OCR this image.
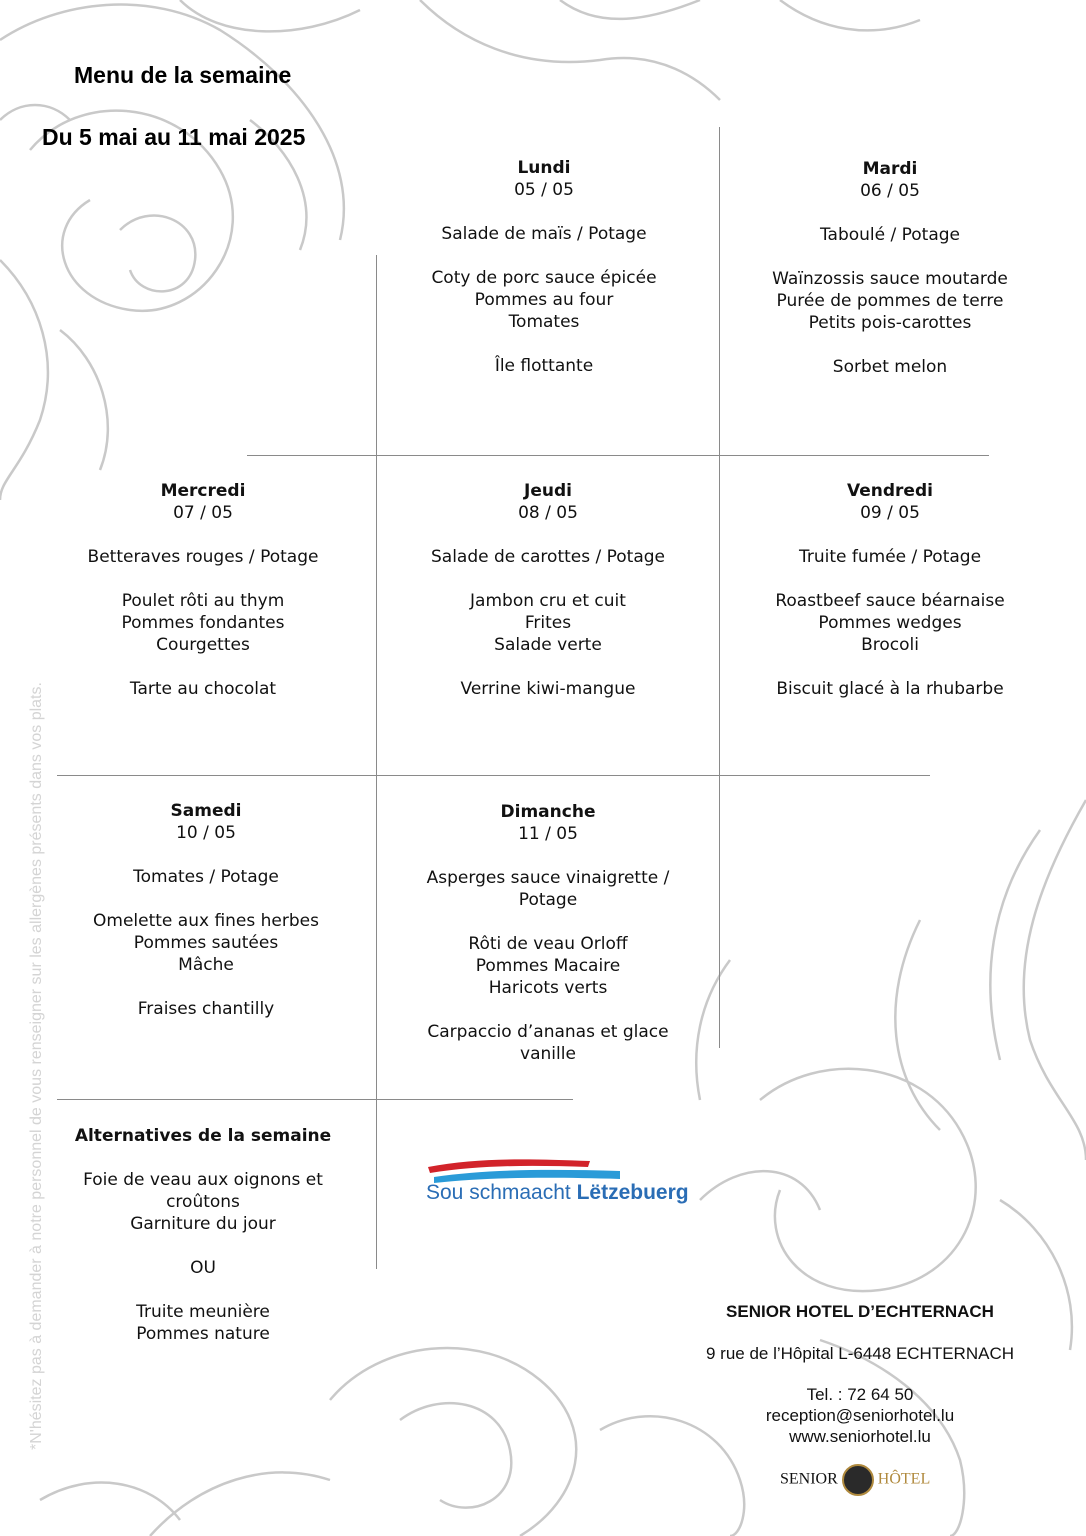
Menu de la semaine
Du 5 mai au 11 mai 2025
Lundi
05 / 05
Salade de maïs / Potage
Coty de porc sauce épicée
Pommes au four
Tomates
Île flottante
Mardi
06 / 05
Taboulé / Potage
Waïnzossis sauce moutarde
Purée de pommes de terre
Petits pois-carottes
Sorbet melon
Mercredi
07 / 05
Betteraves rouges / Potage
Poulet rôti au thym
Pommes fondantes
Courgettes
Tarte au chocolat
Jeudi
08 / 05
Salade de carottes / Potage
Jambon cru et cuit
Frites
Salade verte
Verrine kiwi-mangue
Vendredi
09 / 05
Truite fumée / Potage
Roastbeef sauce béarnaise
Pommes wedges
Brocoli
Biscuit glacé à la rhubarbe
Samedi
10 / 05
Tomates / Potage
Omelette aux fines herbes
Pommes sautées
Mâche
Fraises chantilly
Dimanche
11 / 05
Asperges sauce vinaigrette /
Potage
Rôti de veau Orloff
Pommes Macaire
Haricots verts
Carpaccio d’ananas et glace
vanille
Alternatives de la semaine
Foie de veau aux oignons et
croûtons
Garniture du jour
OU
Truite meunière
Pommes nature
Sou schmaacht Lëtzebuerg
SENIOR HOTEL D’ECHTERNACH
9 rue de l’Hôpital L-6448 ECHTERNACH
Tel. : 72 64 50
reception@seniorhotel.lu
www.seniorhotel.lu
SENIOR	HÔTEL
*N'hésitez pas à demander à notre personnel de vous renseigner sur les allergènes présents dans vos plats.
